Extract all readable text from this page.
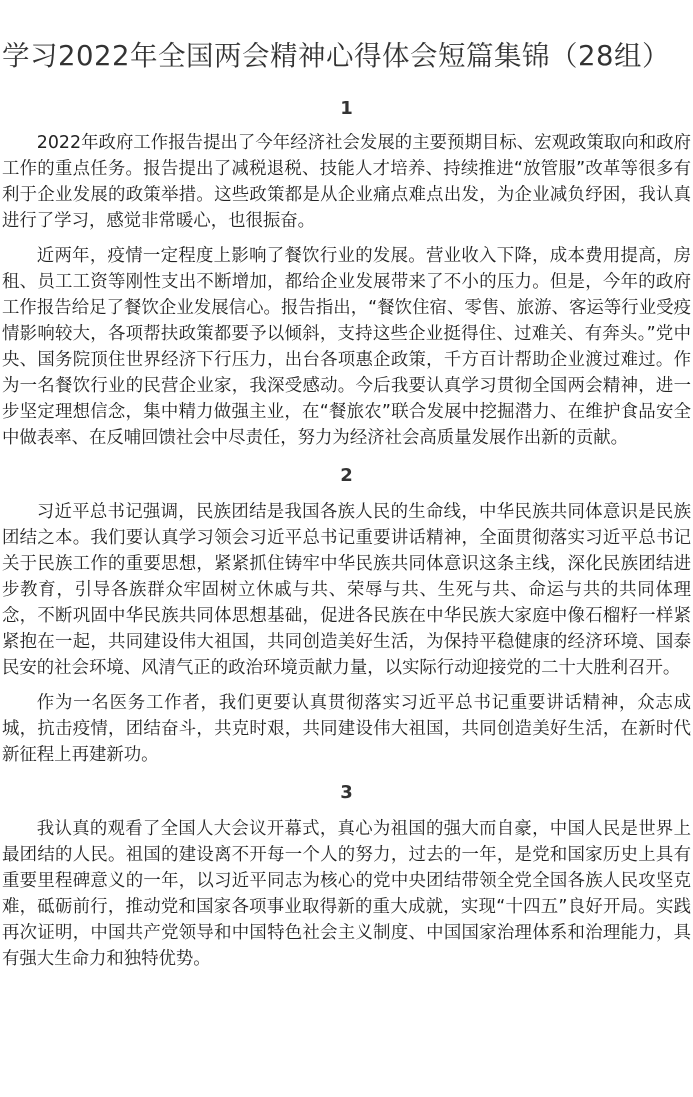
学习2022年全国两会精神心得体会短篇集锦（28组）

1

2022年政府工作报告提出了今年经济社会发展的主要预期目标、宏观政策取向和政府工作的重点任务。报告提出了减税退税、技能人才培养、持续推进“放管服”改革等很多有利于企业发展的政策举措。这些政策都是从企业痛点难点出发，为企业减负纾困，我认真进行了学习，感觉非常暖心，也很振奋。

近两年，疫情一定程度上影响了餐饮行业的发展。营业收入下降，成本费用提高，房租、员工工资等刚性支出不断增加，都给企业发展带来了不小的压力。但是，今年的政府工作报告给足了餐饮企业发展信心。报告指出，“餐饮住宿、零售、旅游、客运等行业受疫情影响较大，各项帮扶政策都要予以倾斜，支持这些企业挺得住、过难关、有奔头。”党中央、国务院顶住世界经济下行压力，出台各项惠企政策，千方百计帮助企业渡过难过。作为一名餐饮行业的民营企业家，我深受感动。今后我要认真学习贯彻全国两会精神，进一步坚定理想信念，集中精力做强主业，在“餐旅农”联合发展中挖掘潜力、在维护食品安全中做表率、在反哺回馈社会中尽责任，努力为经济社会高质量发展作出新的贡献。

2

习近平总书记强调，民族团结是我国各族人民的生命线，中华民族共同体意识是民族团结之本。我们要认真学习领会习近平总书记重要讲话精神，全面贯彻落实习近平总书记关于民族工作的重要思想，紧紧抓住铸牢中华民族共同体意识这条主线，深化民族团结进步教育，引导各族群众牢固树立休戚与共、荣辱与共、生死与共、命运与共的共同体理念，不断巩固中华民族共同体思想基础，促进各民族在中华民族大家庭中像石榴籽一样紧紧抱在一起，共同建设伟大祖国，共同创造美好生活，为保持平稳健康的经济环境、国泰民安的社会环境、风清气正的政治环境贡献力量，以实际行动迎接党的二十大胜利召开。

作为一名医务工作者，我们更要认真贯彻落实习近平总书记重要讲话精神，众志成城，抗击疫情，团结奋斗，共克时艰，共同建设伟大祖国，共同创造美好生活，在新时代新征程上再建新功。

3

我认真的观看了全国人大会议开幕式，真心为祖国的强大而自豪，中国人民是世界上最团结的人民。祖国的建设离不开每一个人的努力，过去的一年，是党和国家历史上具有重要里程碑意义的一年，以习近平同志为核心的党中央团结带领全党全国各族人民攻坚克难，砥砺前行，推动党和国家各项事业取得新的重大成就，实现“十四五”良好开局。实践再次证明，中国共产党领导和中国特色社会主义制度、中国国家治理体系和治理能力，具有强大生命力和独特优势。
